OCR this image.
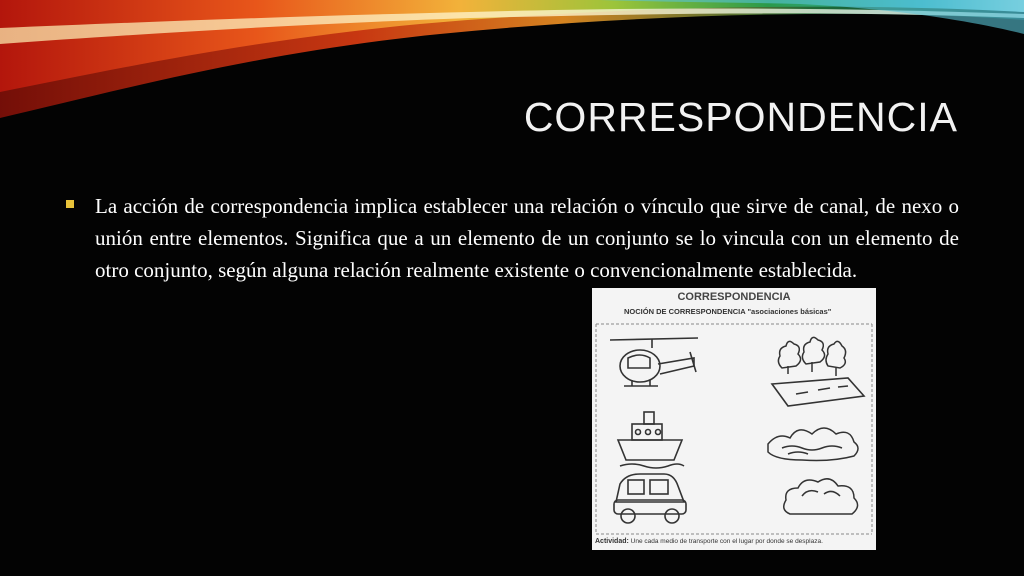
CORRESPONDENCIA
La acción de correspondencia implica establecer una relación o vínculo que sirve de canal, de nexo o unión entre elementos. Significa que a un elemento de un conjunto se lo vincula con un elemento de otro conjunto, según alguna relación realmente existente o convencionalmente establecida.
CORRESPONDENCIA
NOCIÓN DE CORRESPONDENCIA "asociaciones básicas"
Actividad: Une cada medio de transporte con el lugar por donde se desplaza.
